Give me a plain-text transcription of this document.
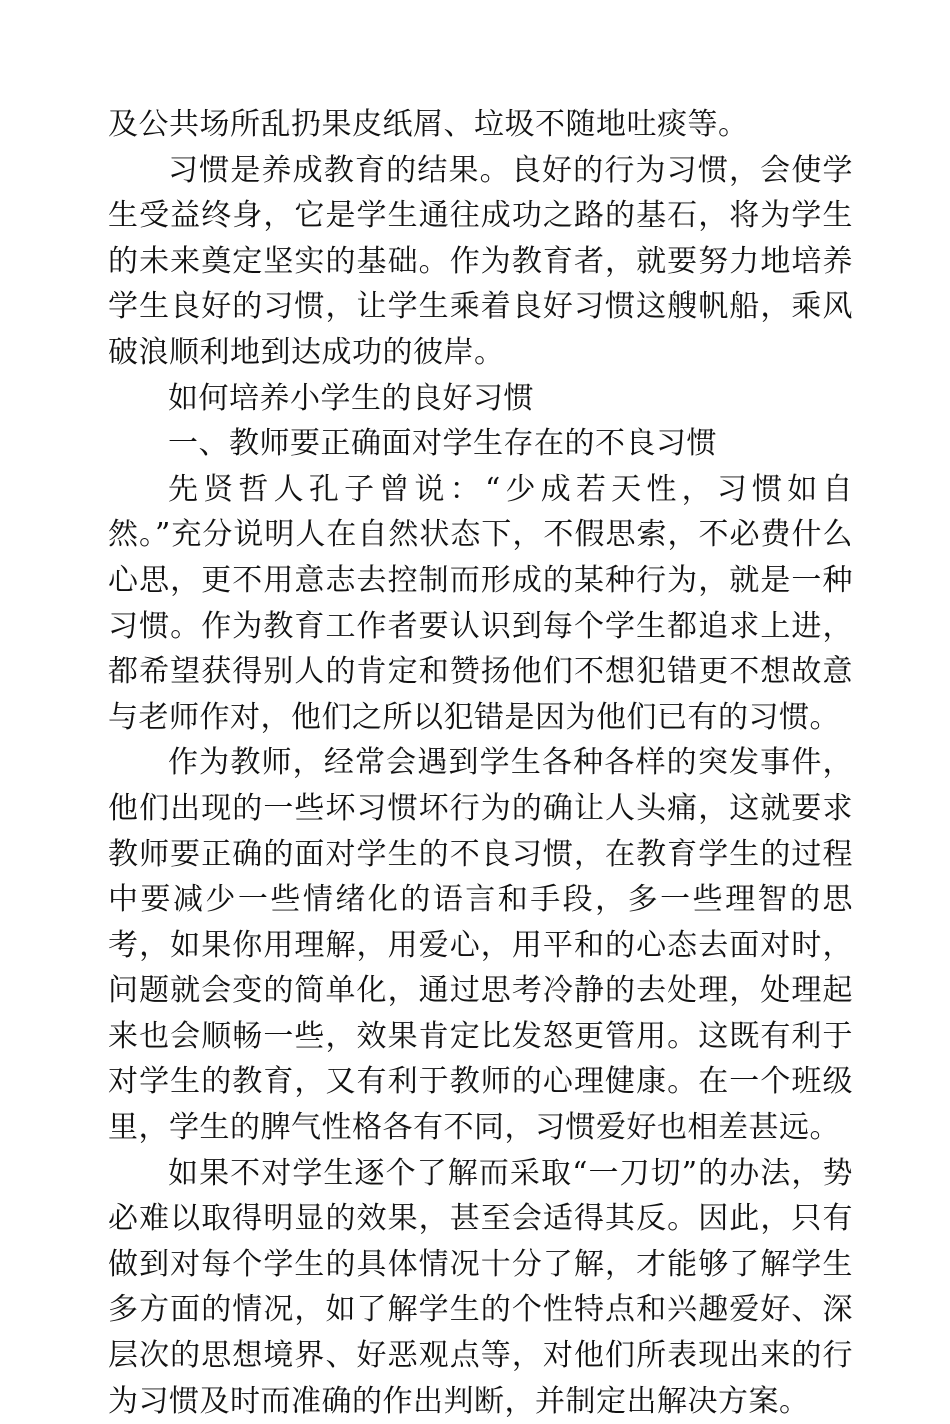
及公共场所乱扔果皮纸屑、垃圾不随地吐痰等。

习惯是养成教育的结果。良好的行为习惯，会使学生受益终身，它是学生通往成功之路的基石，将为学生的未来奠定坚实的基础。作为教育者，就要努力地培养学生良好的习惯，让学生乘着良好习惯这艘帆船，乘风破浪顺利地到达成功的彼岸。

如何培养小学生的良好习惯

一、教师要正确面对学生存在的不良习惯

先贤哲人孔子曾说：“少成若天性，习惯如自然。”充分说明人在自然状态下，不假思索，不必费什么心思，更不用意志去控制而形成的某种行为，就是一种习惯。作为教育工作者要认识到每个学生都追求上进，都希望获得别人的肯定和赞扬他们不想犯错更不想故意与老师作对，他们之所以犯错是因为他们已有的习惯。

作为教师，经常会遇到学生各种各样的突发事件，他们出现的一些坏习惯坏行为的确让人头痛，这就要求教师要正确的面对学生的不良习惯，在教育学生的过程中要减少一些情绪化的语言和手段，多一些理智的思考，如果你用理解，用爱心，用平和的心态去面对时，问题就会变的简单化，通过思考冷静的去处理，处理起来也会顺畅一些，效果肯定比发怒更管用。这既有利于对学生的教育，又有利于教师的心理健康。在一个班级里，学生的脾气性格各有不同，习惯爱好也相差甚远。

如果不对学生逐个了解而采取“一刀切”的办法，势必难以取得明显的效果，甚至会适得其反。因此，只有做到对每个学生的具体情况十分了解，才能够了解学生多方面的情况，如了解学生的个性特点和兴趣爱好、深层次的思想境界、好恶观点等，对他们所表现出来的行为习惯及时而准确的作出判断，并制定出解决方案。
